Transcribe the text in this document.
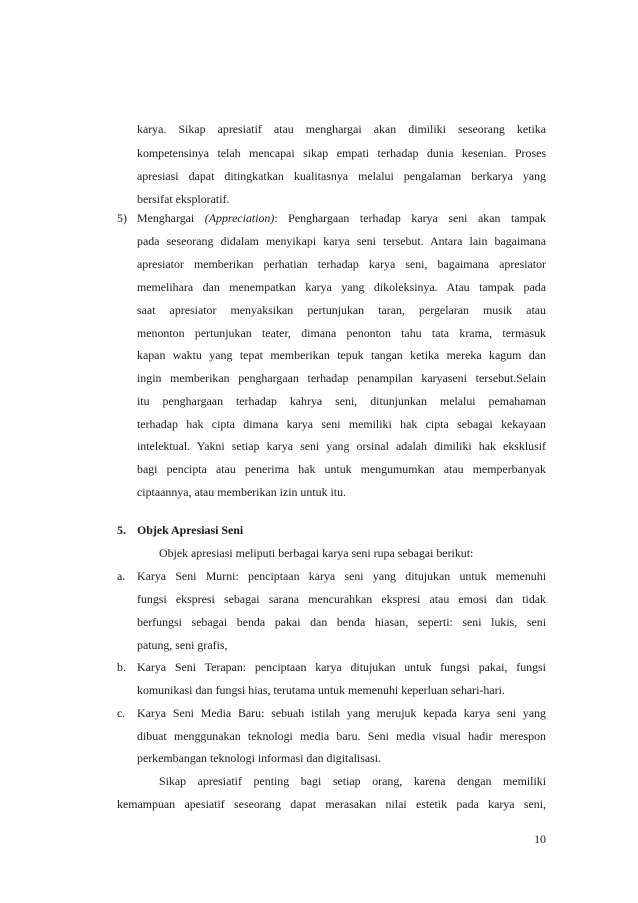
karya. Sikap apresiatif atau menghargai akan dimiliki seseorang ketika
kompetensinya telah mencapai sikap empati terhadap dunia kesenian. Proses
apresiasi dapat ditingkatkan kualitasnya melalui pengalaman berkarya yang
bersifat eksploratif.
5) Menghargai (Appreciation): Penghargaan terhadap karya seni akan tampak
pada seseorang didalam menyikapi karya seni tersebut. Antara lain bagaimana
apresiator memberikan perhatian terhadap karya seni, bagaimana apresiator
memelihara dan menempatkan karya yang dikoleksinya. Atau tampak pada
saat apresiator menyaksikan pertunjukan taran, pergelaran musik atau
menonton pertunjukan teater, dimana penonton tahu tata krama, termasuk
kapan waktu yang tepat memberikan tepuk tangan ketika mereka kagum dan
ingin memberikan penghargaan terhadap penampilan karyaseni tersebut.Selain
itu penghargaan terhadap kahrya seni, ditunjunkan melalui pemahaman
terhadap hak cipta dimana karya seni memiliki hak cipta sebagai kekayaan
intelektual. Yakni setiap karya seni yang orsinal adalah dimiliki hak eksklusif
bagi pencipta atau penerima hak untuk mengumumkan atau memperbanyak
ciptaannya, atau memberikan izin untuk itu.
5. Objek Apresiasi Seni
Objek apresiasi meliputi berbagai karya seni rupa sebagai berikut:
a. Karya Seni Murni: penciptaan karya seni yang ditujukan untuk memenuhi
fungsi ekspresi sebagai sarana mencurahkan ekspresi atau emosi dan tidak
berfungsi sebagai benda pakai dan benda hiasan, seperti: seni lukis, seni
patung, seni grafis,
b. Karya Seni Terapan: penciptaan karya ditujukan untuk fungsi pakai, fungsi
komunikasi dan fungsi hias, terutama untuk memenuhi keperluan sehari-hari.
c. Karya Seni Media Baru: sebuah istilah yang merujuk kepada karya seni yang
dibuat menggunakan teknologi media baru. Seni media visual hadir merespon
perkembangan teknologi informasi dan digitalisasi.
Sikap apresiatif penting bagi setiap orang, karena dengan memiliki
kemampuan apesiatif seseorang dapat merasakan nilai estetik pada karya seni,
10
